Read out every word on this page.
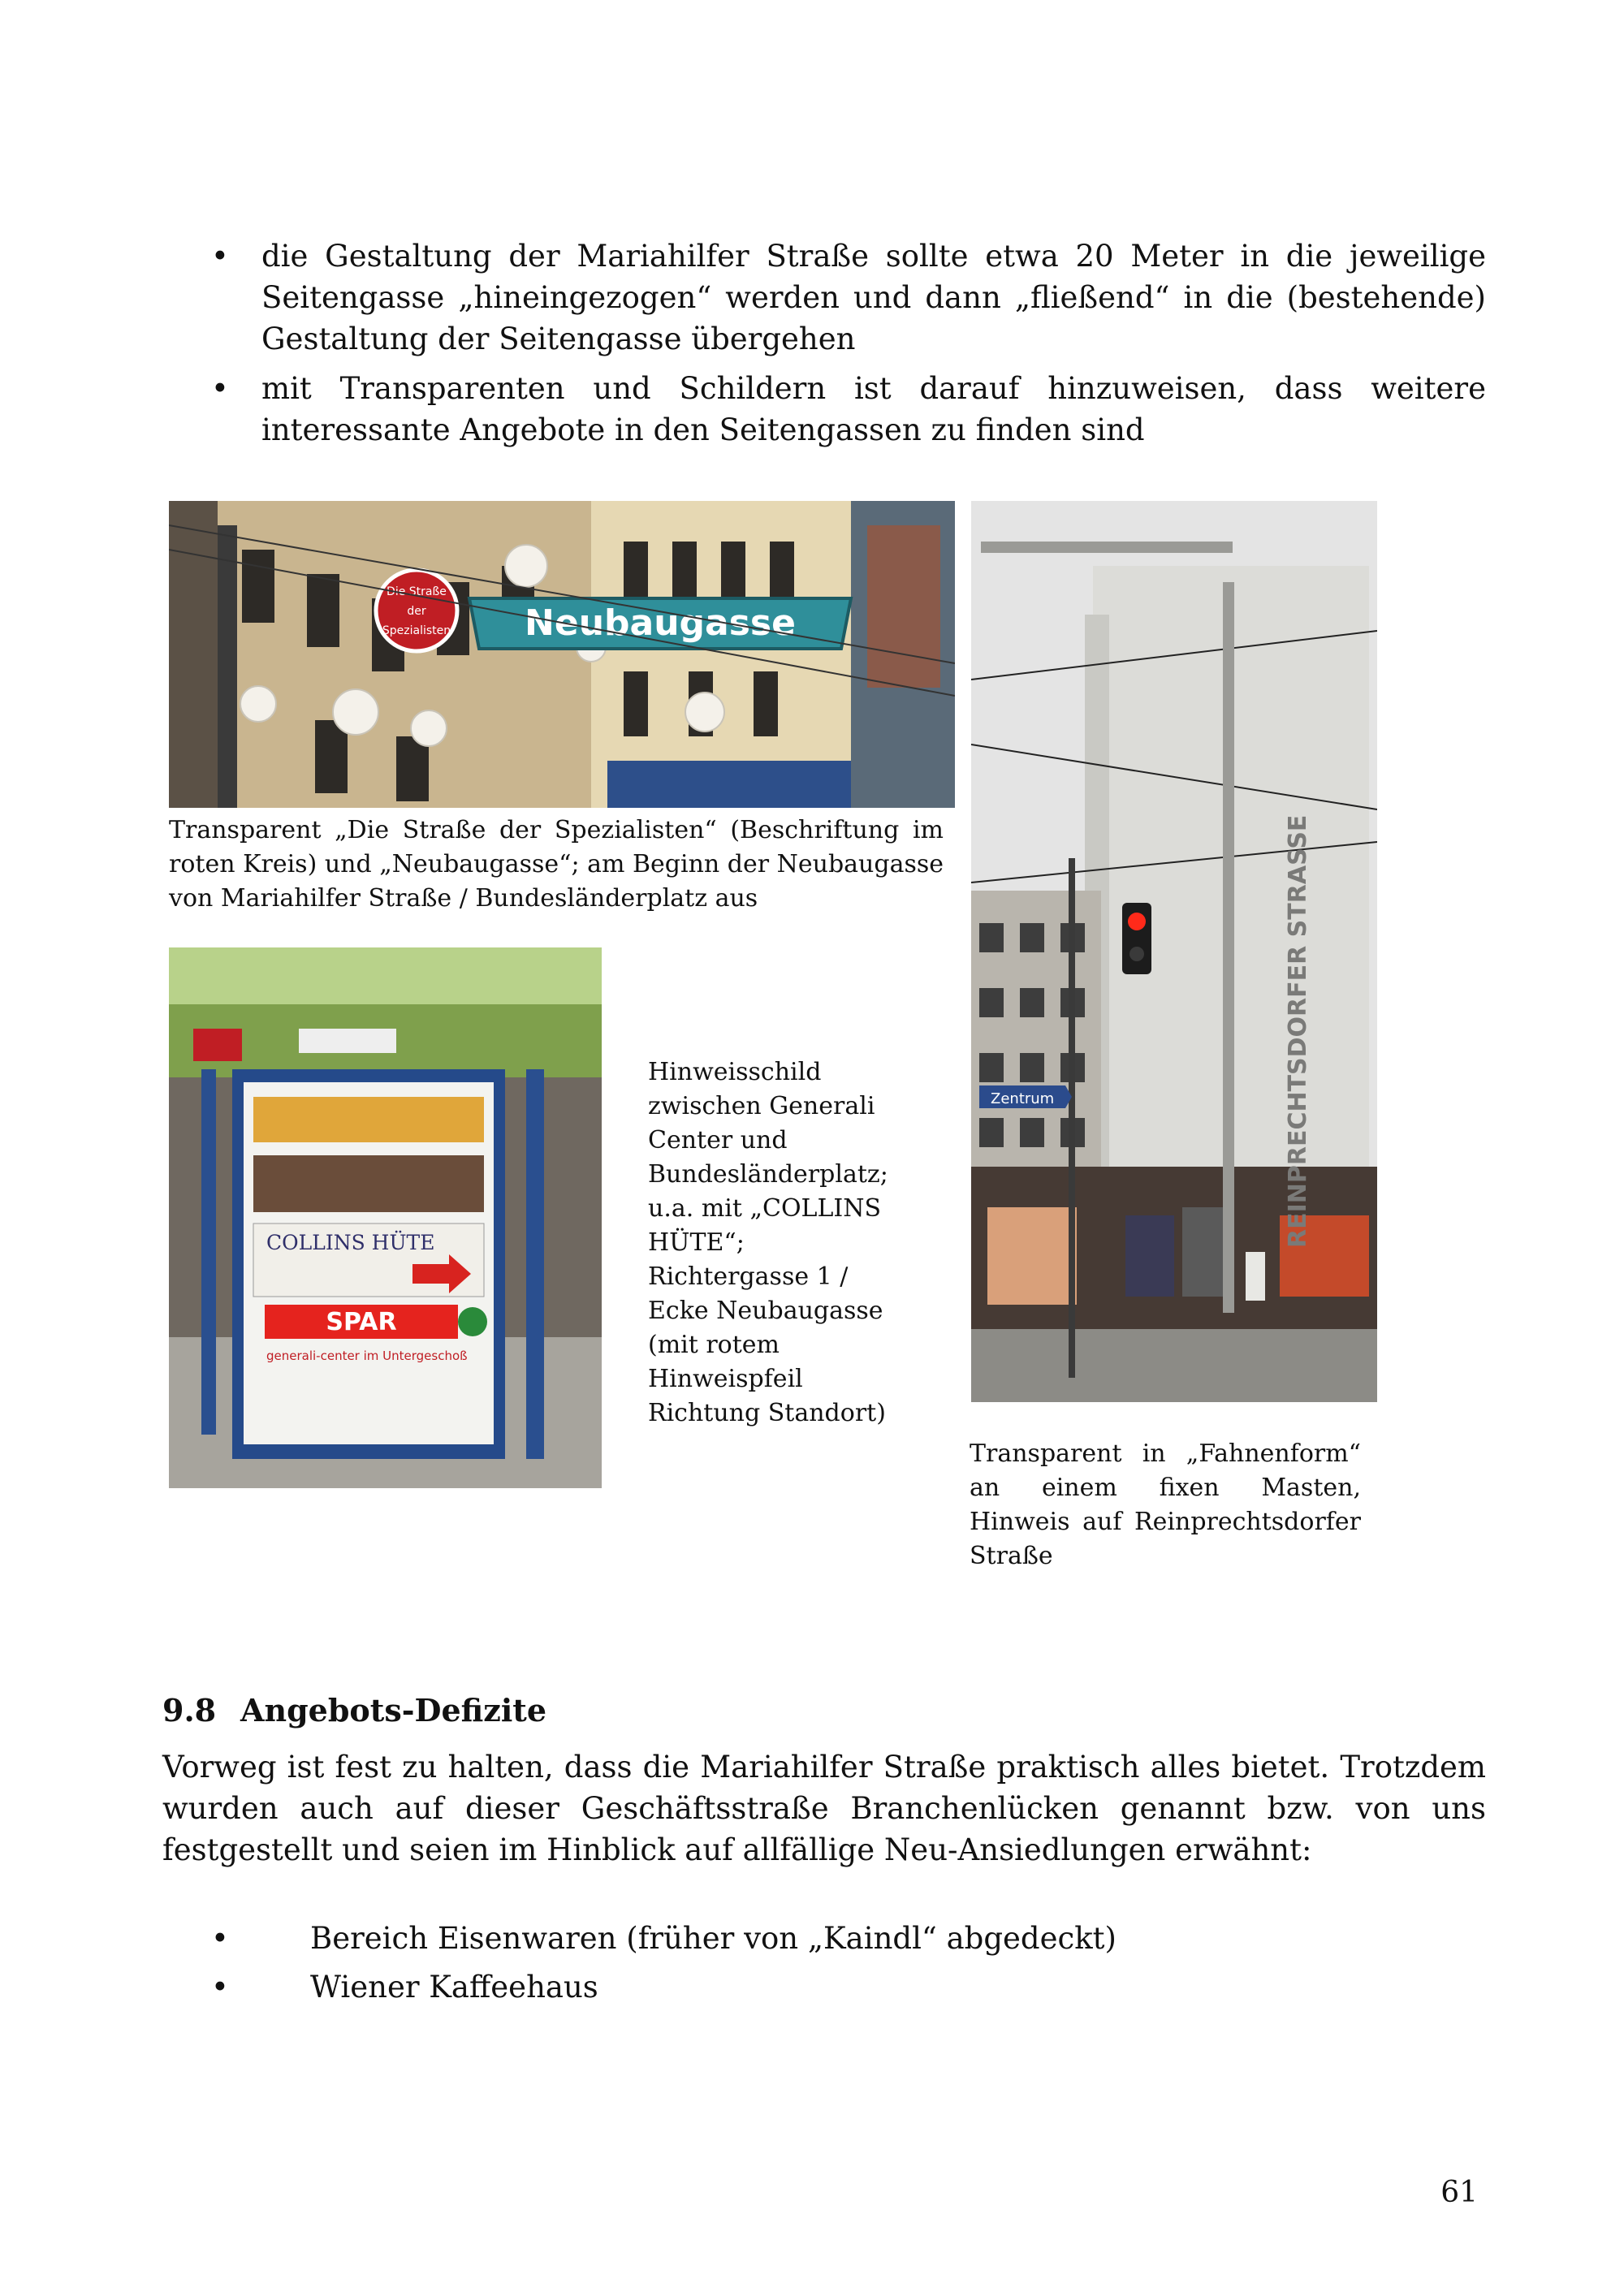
• die Gestaltung der Mariahilfer Straße sollte etwa 20 Meter in die jeweilige Seitengasse „hineingezogen“ werden und dann „fließend“ in die (bestehende) Gestaltung der Seitengasse übergehen
• mit Transparenten und Schildern ist darauf hinzuweisen, dass weitere interessante Angebote in den Seitengassen zu finden sind
Neubaugasse
Die Straße
der
Spezialisten
Transparent „Die Straße der Spezialisten“ (Beschriftung im roten Kreis) und „Neubaugasse“; am Beginn der Neubaugasse von Mariahilfer Straße / Bundesländerplatz aus
COLLINS HÜTE
SPAR
generali-center im Untergeschoß
Hinweisschild zwischen Generali Center und Bundesländerplatz; u.a. mit „COLLINS HÜTE“; Richtergasse 1 / Ecke Neubaugasse (mit rotem Hinweispfeil Richtung Standort)
Zentrum	REINPRECHTSDORFER STRASSE
Transparent in „Fahnenform“ an einem fixen Masten, Hinweis auf Reinprechtsdorfer Straße
9.8 Angebots-Defizite

Vorweg ist fest zu halten, dass die Mariahilfer Straße praktisch alles bietet. Trotzdem wurden auch auf dieser Geschäftsstraße Branchenlücken genannt bzw. von uns festgestellt und seien im Hinblick auf allfällige Neu-Ansiedlungen erwähnt:

• Bereich Eisenwaren (früher von „Kaindl“ abgedeckt)
• Wiener Kaffeehaus
61
